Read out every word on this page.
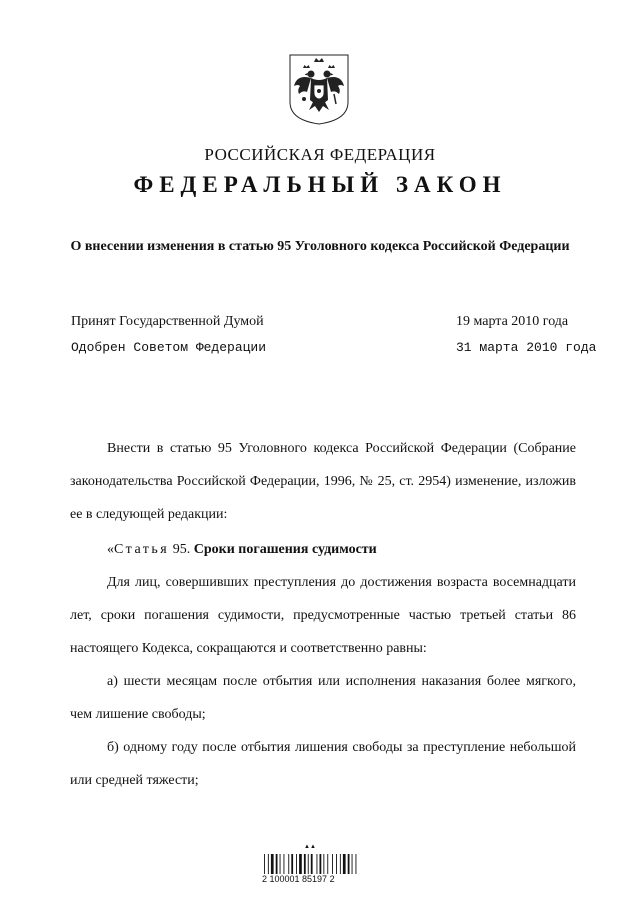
РОССИЙСКАЯ ФЕДЕРАЦИЯ
ФЕДЕРАЛЬНЫЙ ЗАКОН
О внесении изменения в статью 95 Уголовного кодекса Российской Федерации
Принят Государственной Думой	19 марта 2010 года
Одобрен Советом Федерации	31 марта 2010 года

Внести в статью 95 Уголовного кодекса Российской Федерации (Собрание законодательства Российской Федерации, 1996, № 25, ст. 2954) изменение, изложив ее в следующей редакции:

«Статья 95. Сроки погашения судимости

Для лиц, совершивших преступления до достижения возраста восемнадцати лет, сроки погашения судимости, предусмотренные частью третьей статьи 86 настоящего Кодекса, сокращаются и соответственно равны:

а) шести месяцам после отбытия или исполнения наказания более мягкого, чем лишение свободы;

б) одному году после отбытия лишения свободы за преступление небольшой или средней тяжести;

▲▲
2 100001 85197 2
